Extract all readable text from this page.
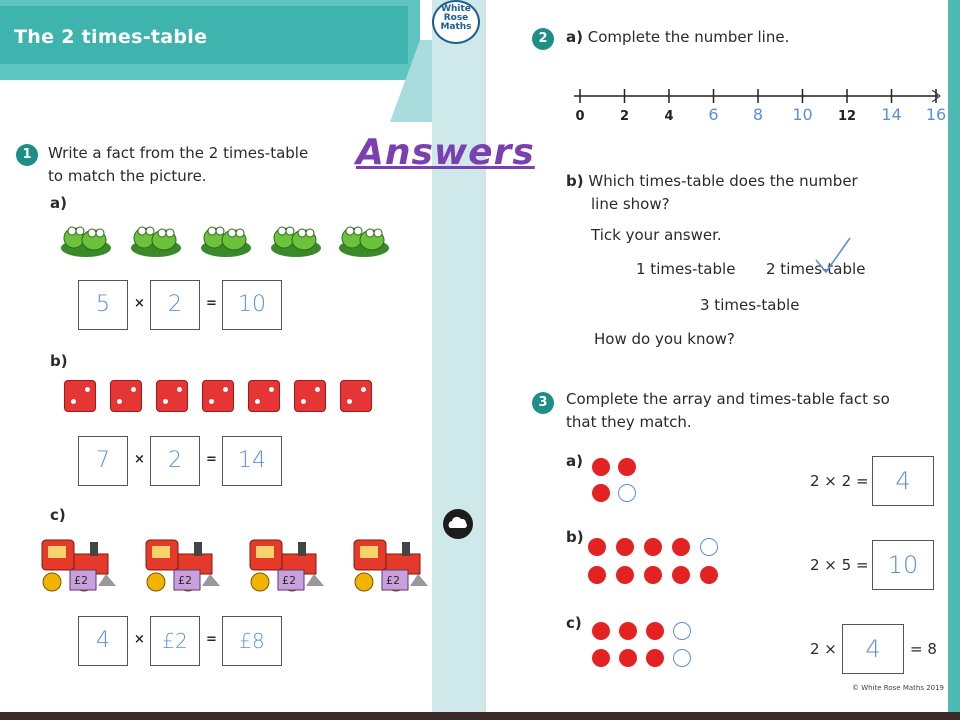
The 2 times-table
White
Rose
Maths
Answers
1	Write a fact from the 2 times-table
to match the picture.
a)
5	×	2	= 10
b)
7	×	2	= 14
c)
£2	£2	£2	£2
4	× £2	=	£8
2	a) Complete the number line.
0	2	4 6 8 10 12 14 16
b) Which times-table does the number
line show?
Tick your answer.
1 times-table 2 times-table
3 times-table
How do you know?
3	Complete the array and times-table fact so
that they match.
a)
2 × 2 =	4
b)
2 × 5 = 10
c)
2 ×	4	= 8
© White Rose Maths 2019
